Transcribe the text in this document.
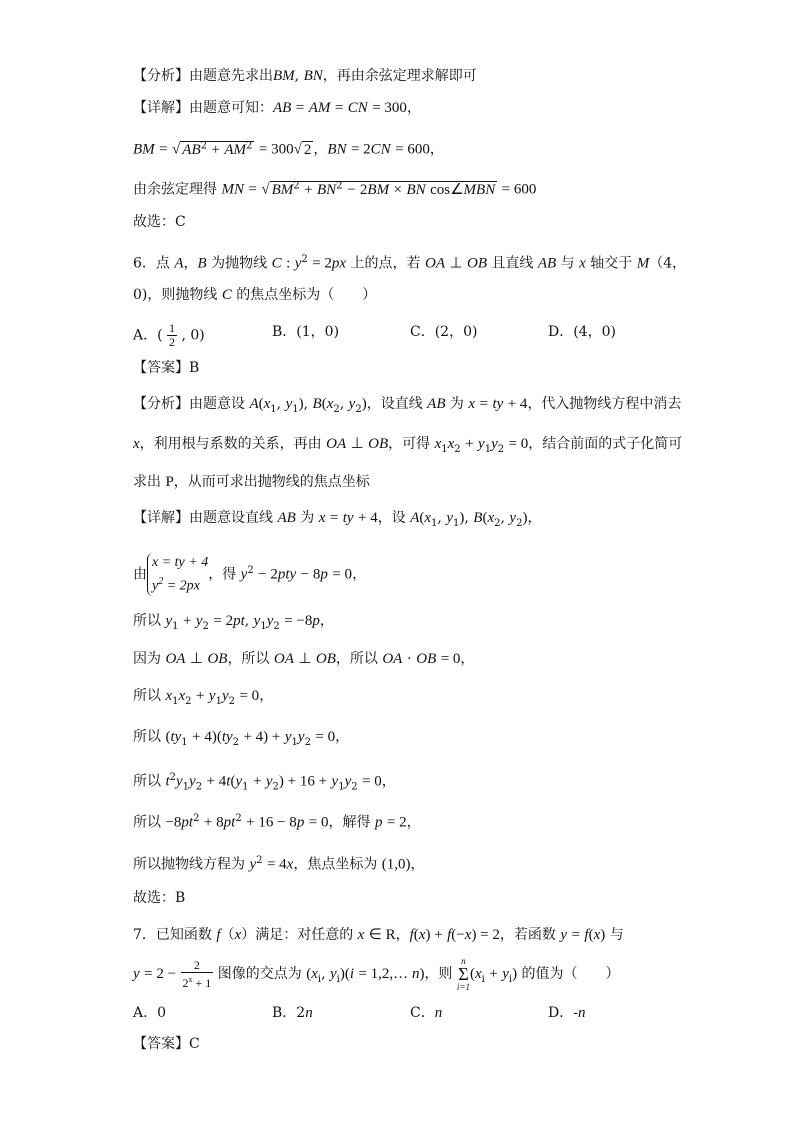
【分析】由题意先求出BM, BN，再由余弦定理求解即可
【详解】由题意可知：AB = AM = CN = 300，
BM = √ $AB^2 + AM^2 = 300√$ 2 ，BN = 2CN = 600，
由余弦定理得 MN = √ $BM^2 + BN^2 - 2BM$ × BN cos∠MBN = 600
故选：C
6．点 A，B 为抛物线 C : $y^2 = 2px$ 上的点，若 OA ⊥ OB 且直线 AB 与 x 轴交于 M（4，
0)，则抛物线 C 的焦点坐标为（　　）
A．( $\frac{1}{2}$ , 0)	B．(1，0)	C．(2，0)	D．(4，0)
【答案】B
【分析】由题意设 $A(x_1$, $y_1$), $B(x_2$, $y_2$)，设直线 AB 为 x = ty + 4，代入抛物线方程中消去
x，利用根与系数的关系，再由 OA ⊥ OB，可得 $x_1x_2 + y_1y_2 = 0$，结合前面的式子化简可
求出 P，从而可求出抛物线的焦点坐标
【详解】由题意设直线 AB 为 x = ty + 4，设 $A(x_1$, $y_1$), $B(x_2$, $y_2$)，
由
x = ty + 4
$y^2 = 2px$
，得 $y^2 - 2pty - 8p = 0$，
所以 $y_1 + y_2 = 2pt$, $y_1y_2 = -8p$，
因为 OA ⊥ OB，所以 OA ⊥ OB，所以 OA · OB = 0，
所以 $x_1x_2 + y_1y_2 = 0$，
所以 $(ty_1 + 4)(ty_2 + 4) + y_1y_2 = 0$，
所以 $t^2y_1y_2 + 4t(y_1 + y_2) + 16 + y_1y_2 = 0$，
所以 $-8pt^2 + 8pt^2 + 16 - 8p = 0$，解得 p = 2，
所以抛物线方程为 $y^2 = 4x$，焦点坐标为 (1,0)，
故选：B
7．已知函数 f（x）满足：对任意的 x ∈ R，f(x) + f(−x) = 2，若函数 y = f(x) 与
$y = 2 - \frac{2}{2^x + 1}$ 图像的交点为 ($x_i$, $y_i)(i$ = 1,2,… n)，则
n
Σ
i=1
$(x_i + y_i)$ 的值为（　　）
A．0	B．2n	C．n	D．-n
【答案】C
